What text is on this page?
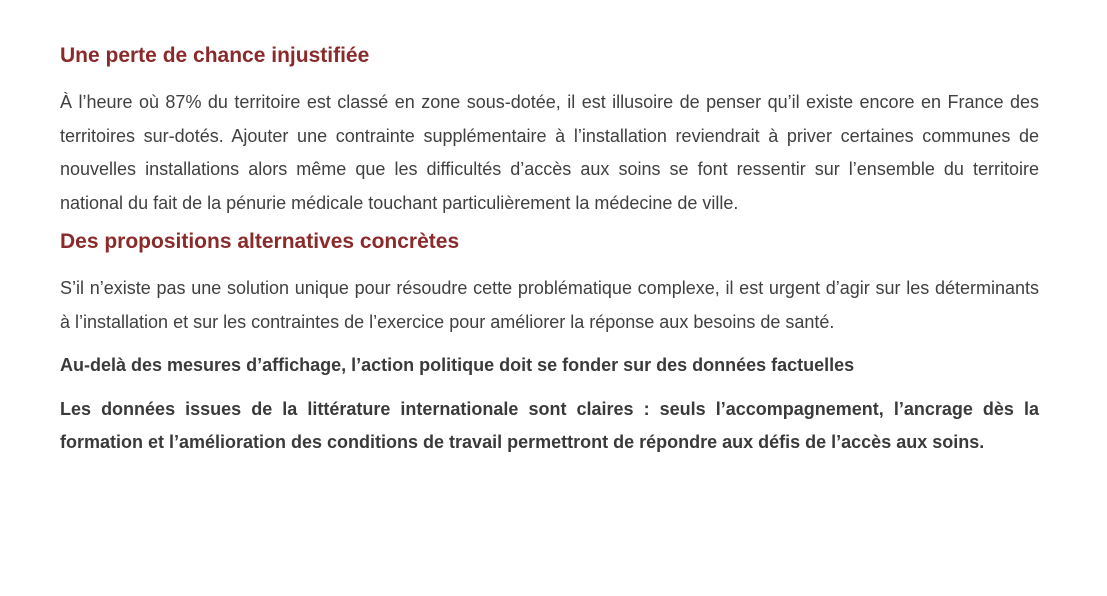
Une perte de chance injustifiée

À l’heure où 87% du territoire est classé en zone sous-dotée, il est illusoire de penser qu’il existe encore en France des territoires sur-dotés. Ajouter une contrainte supplémentaire à l’installation reviendrait à priver certaines communes de nouvelles installations alors même que les difficultés d’accès aux soins se font ressentir sur l’ensemble du territoire national du fait de la pénurie médicale touchant particulièrement la médecine de ville.

Des propositions alternatives concrètes

S’il n’existe pas une solution unique pour résoudre cette problématique complexe, il est urgent d’agir sur les déterminants à l’installation et sur les contraintes de l’exercice pour améliorer la réponse aux besoins de santé.

Au-delà des mesures d’affichage, l’action politique doit se fonder sur des données factuelles

Les données issues de la littérature internationale sont claires : seuls l’accompagnement, l’ancrage dès la formation et l’amélioration des conditions de travail permettront de répondre aux défis de l’accès aux soins.
